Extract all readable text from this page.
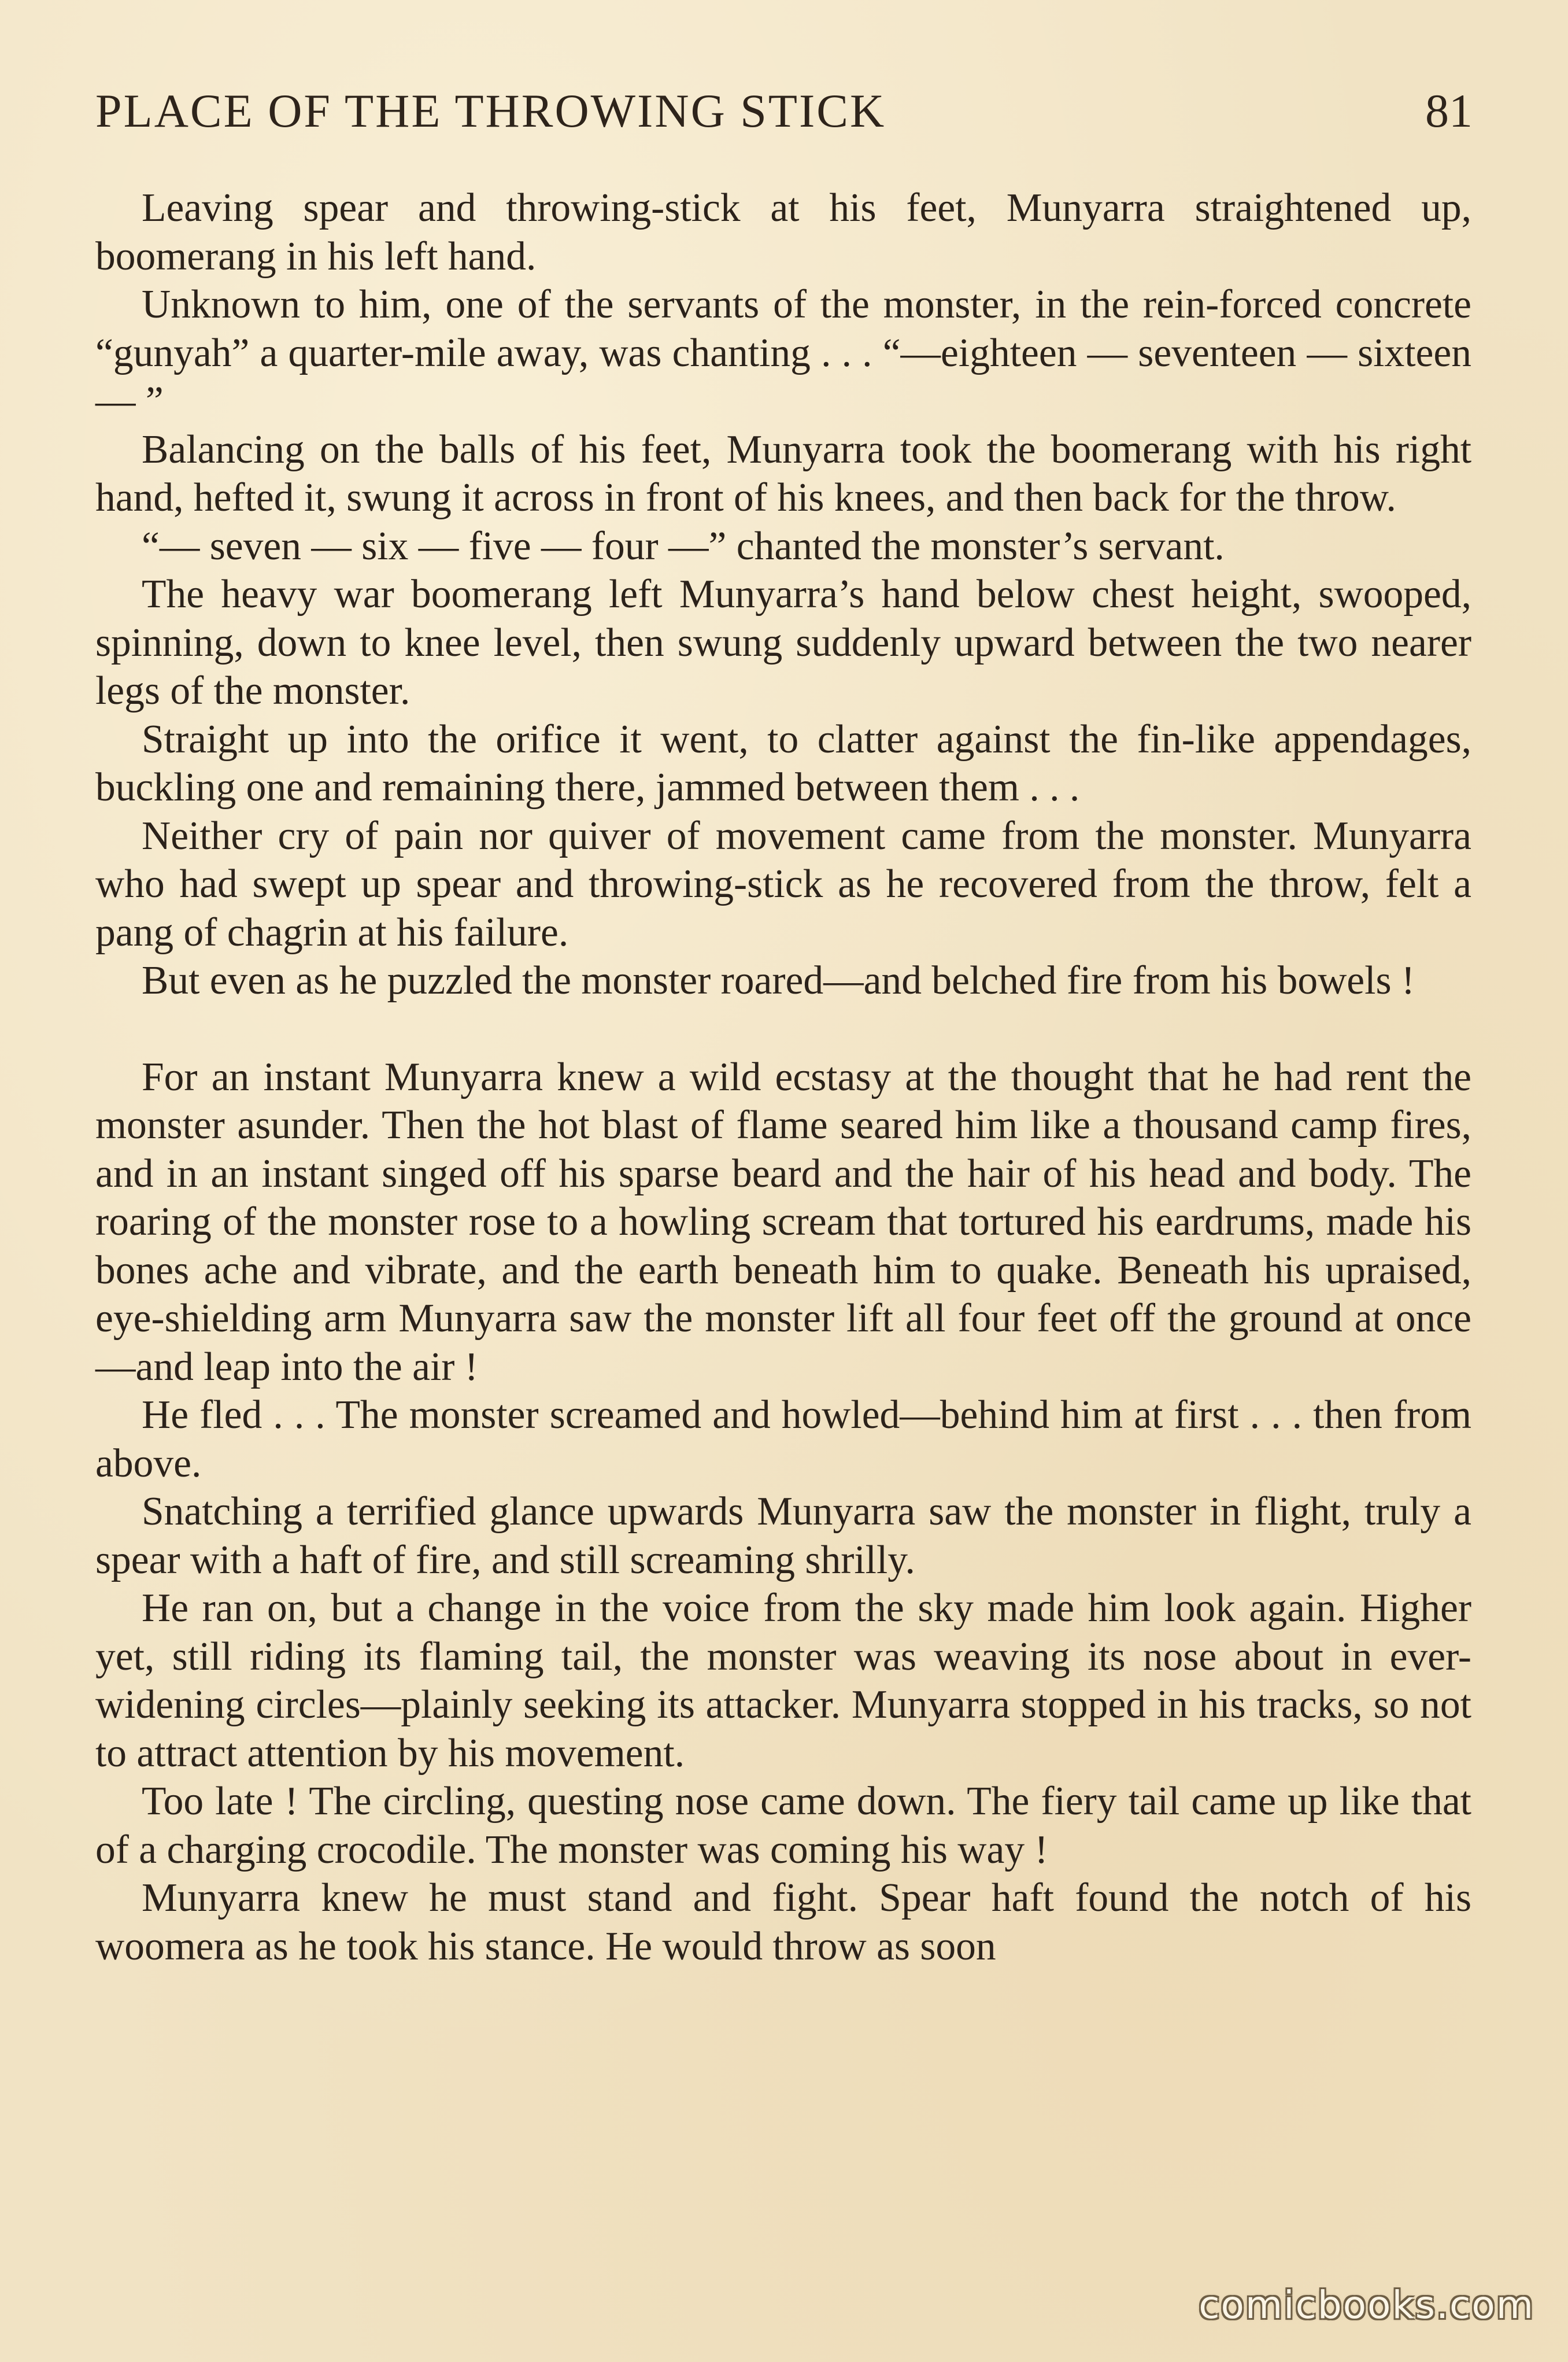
PLACE OF THE THROWING STICK	81

Leaving spear and throwing-stick at his feet, Munyarra straightened up, boomerang in his left hand.

Unknown to him, one of the servants of the monster, in the rein-forced concrete “gunyah” a quarter-mile away, was chanting . . . “—eighteen — seventeen — sixteen — ”

Balancing on the balls of his feet, Munyarra took the boomerang with his right hand, hefted it, swung it across in front of his knees, and then back for the throw.

“— seven — six — five — four —” chanted the monster’s servant.

The heavy war boomerang left Munyarra’s hand below chest height, swooped, spinning, down to knee level, then swung suddenly upward between the two nearer legs of the monster.

Straight up into the orifice it went, to clatter against the fin-like appendages, buckling one and remaining there, jammed between them . . .

Neither cry of pain nor quiver of movement came from the monster. Munyarra who had swept up spear and throwing-stick as he recovered from the throw, felt a pang of chagrin at his failure.

But even as he puzzled the monster roared—and belched fire from his bowels !

For an instant Munyarra knew a wild ecstasy at the thought that he had rent the monster asunder. Then the hot blast of flame seared him like a thousand camp fires, and in an instant singed off his sparse beard and the hair of his head and body. The roaring of the monster rose to a howling scream that tortured his eardrums, made his bones ache and vibrate, and the earth beneath him to quake. Beneath his upraised, eye-shielding arm Munyarra saw the monster lift all four feet off the ground at once—and leap into the air !

He fled . . . The monster screamed and howled—behind him at first . . . then from above.

Snatching a terrified glance upwards Munyarra saw the monster in flight, truly a spear with a haft of fire, and still screaming shrilly.

He ran on, but a change in the voice from the sky made him look again. Higher yet, still riding its flaming tail, the monster was weaving its nose about in ever-widening circles—plainly seeking its attacker. Munyarra stopped in his tracks, so not to attract attention by his movement.

Too late ! The circling, questing nose came down. The fiery tail came up like that of a charging crocodile. The monster was coming his way !

Munyarra knew he must stand and fight. Spear haft found the notch of his woomera as he took his stance. He would throw as soon

comicbooks.com
